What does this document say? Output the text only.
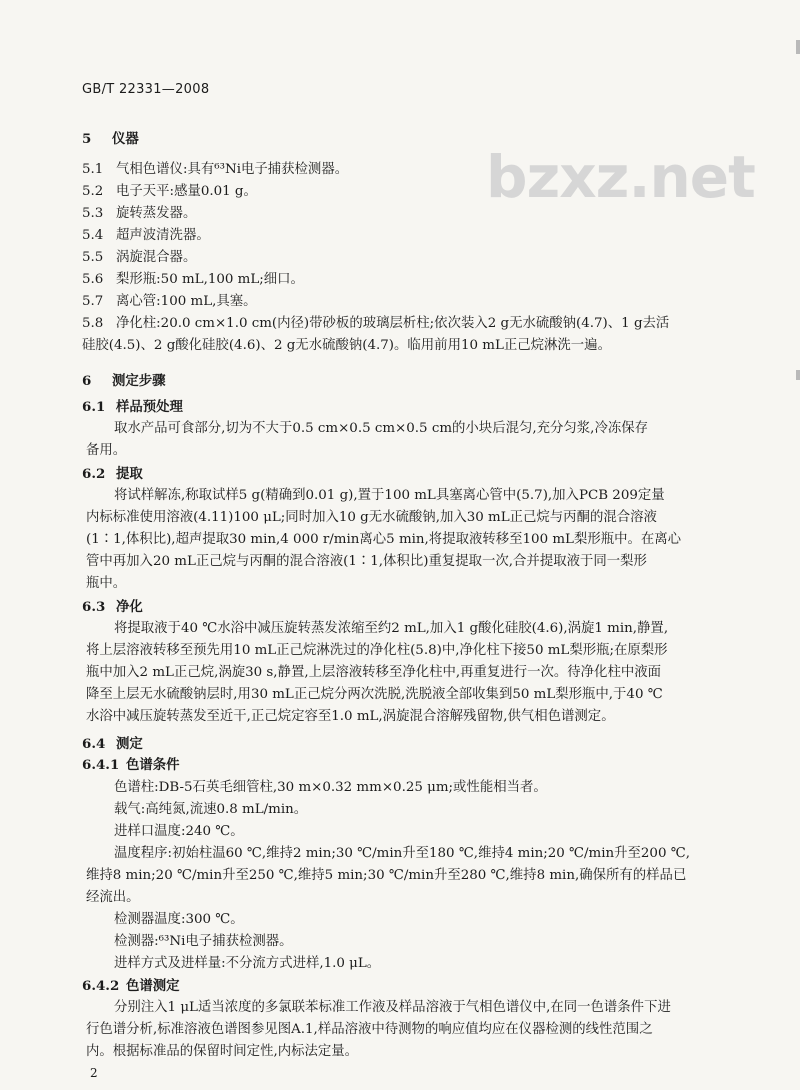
GB/T 22331—2008
bzxz.net
5 仪器
5.1 气相色谱仪:具有⁶³Ni电子捕获检测器。
5.2 电子天平:感量0.01 g。
5.3 旋转蒸发器。
5.4 超声波清洗器。
5.5 涡旋混合器。
5.6 梨形瓶:50 mL,100 mL;细口。
5.7 离心管:100 mL,具塞。
5.8 净化柱:20.0 cm×1.0 cm(内径)带砂板的玻璃层析柱;依次装入2 g无水硫酸钠(4.7)、1 g去活
硅胶(4.5)、2 g酸化硅胶(4.6)、2 g无水硫酸钠(4.7)。临用前用10 mL正己烷淋洗一遍。
6 测定步骤
6.1 样品预处理
取水产品可食部分,切为不大于0.5 cm×0.5 cm×0.5 cm的小块后混匀,充分匀浆,冷冻保存
备用。
6.2 提取
将试样解冻,称取试样5 g(精确到0.01 g),置于100 mL具塞离心管中(5.7),加入PCB 209定量
内标标准使用溶液(4.11)100 μL;同时加入10 g无水硫酸钠,加入30 mL正己烷与丙酮的混合溶液
(1∶1,体积比),超声提取30 min,4 000 r/min离心5 min,将提取液转移至100 mL梨形瓶中。在离心
管中再加入20 mL正己烷与丙酮的混合溶液(1∶1,体积比)重复提取一次,合并提取液于同一梨形
瓶中。
6.3 净化
将提取液于40 ℃水浴中减压旋转蒸发浓缩至约2 mL,加入1 g酸化硅胶(4.6),涡旋1 min,静置,
将上层溶液转移至预先用10 mL正己烷淋洗过的净化柱(5.8)中,净化柱下接50 mL梨形瓶;在原梨形
瓶中加入2 mL正己烷,涡旋30 s,静置,上层溶液转移至净化柱中,再重复进行一次。待净化柱中液面
降至上层无水硫酸钠层时,用30 mL正己烷分两次洗脱,洗脱液全部收集到50 mL梨形瓶中,于40 ℃
水浴中减压旋转蒸发至近干,正己烷定容至1.0 mL,涡旋混合溶解残留物,供气相色谱测定。
6.4 测定
6.4.1 色谱条件
色谱柱:DB-5石英毛细管柱,30 m×0.32 mm×0.25 μm;或性能相当者。
载气:高纯氮,流速0.8 mL/min。
进样口温度:240 ℃。
温度程序:初始柱温60 ℃,维持2 min;30 ℃/min升至180 ℃,维持4 min;20 ℃/min升至200 ℃,
维持8 min;20 ℃/min升至250 ℃,维持5 min;30 ℃/min升至280 ℃,维持8 min,确保所有的样品已
经流出。
检测器温度:300 ℃。
检测器:⁶³Ni电子捕获检测器。
进样方式及进样量:不分流方式进样,1.0 μL。
6.4.2 色谱测定
分别注入1 μL适当浓度的多氯联苯标准工作液及样品溶液于气相色谱仪中,在同一色谱条件下进
行色谱分析,标准溶液色谱图参见图A.1,样品溶液中待测物的响应值均应在仪器检测的线性范围之
内。根据标准品的保留时间定性,内标法定量。
2
